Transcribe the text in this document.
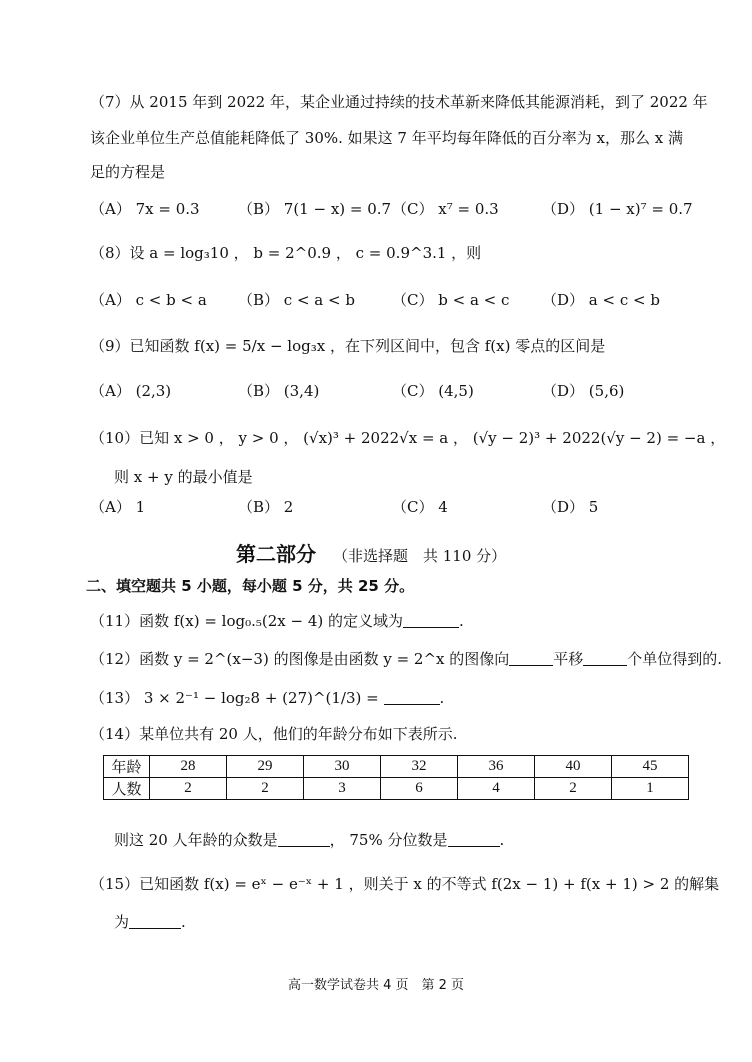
（7）从 2015 年到 2022 年，某企业通过持续的技术革新来降低其能源消耗，到了 2022 年
该企业单位生产总值能耗降低了 30%. 如果这 7 年平均每年降低的百分率为 x，那么 x 满
足的方程是
（A） 7x = 0.3	（B） 7(1 − x) = 0.7 （C） x⁷ = 0.3	（D） (1 − x)⁷ = 0.7
（8）设 a = log₃10 ， b = 2^0.9 ， c = 0.9^3.1 ，则
（A） c < b < a （B） c < a < b （C） b < a < c （D） a < c < b
（9）已知函数 f(x) = 5/x − log₃x ，在下列区间中，包含 f(x) 零点的区间是
（A） (2,3)	（B） (3,4)	（C） (4,5)	（D） (5,6)
（10）已知 x > 0 ， y > 0 ， (√x)³ + 2022√x = a ， (√y − 2)³ + 2022(√y − 2) = −a ，
则 x + y 的最小值是
（A） 1	（B） 2	（C） 4	（D） 5
第二部分 （非选择题　共 110 分）
二、填空题共 5 小题，每小题 5 分，共 25 分。
（11）函数 f(x) = log₀.₅(2x − 4) 的定义域为	.
（12）函数 y = 2^(x−3) 的图像是由函数 y = 2^x 的图像向	平移	个单位得到的.
（13） 3 × 2⁻¹ − log₂8 + (27)^(1/3) =	.
（14）某单位共有 20 人，他们的年龄分布如下表所示.
年龄	28	29	30	32	36	40	45
人数	2	2	3	6	4	2	1
则这 20 人年龄的众数是	， 75% 分位数是	.
（15）已知函数 f(x) = eˣ − e⁻ˣ + 1 ，则关于 x 的不等式 f(2x − 1) + f(x + 1) > 2 的解集
为	.
高一数学试卷共 4 页　第 2 页
